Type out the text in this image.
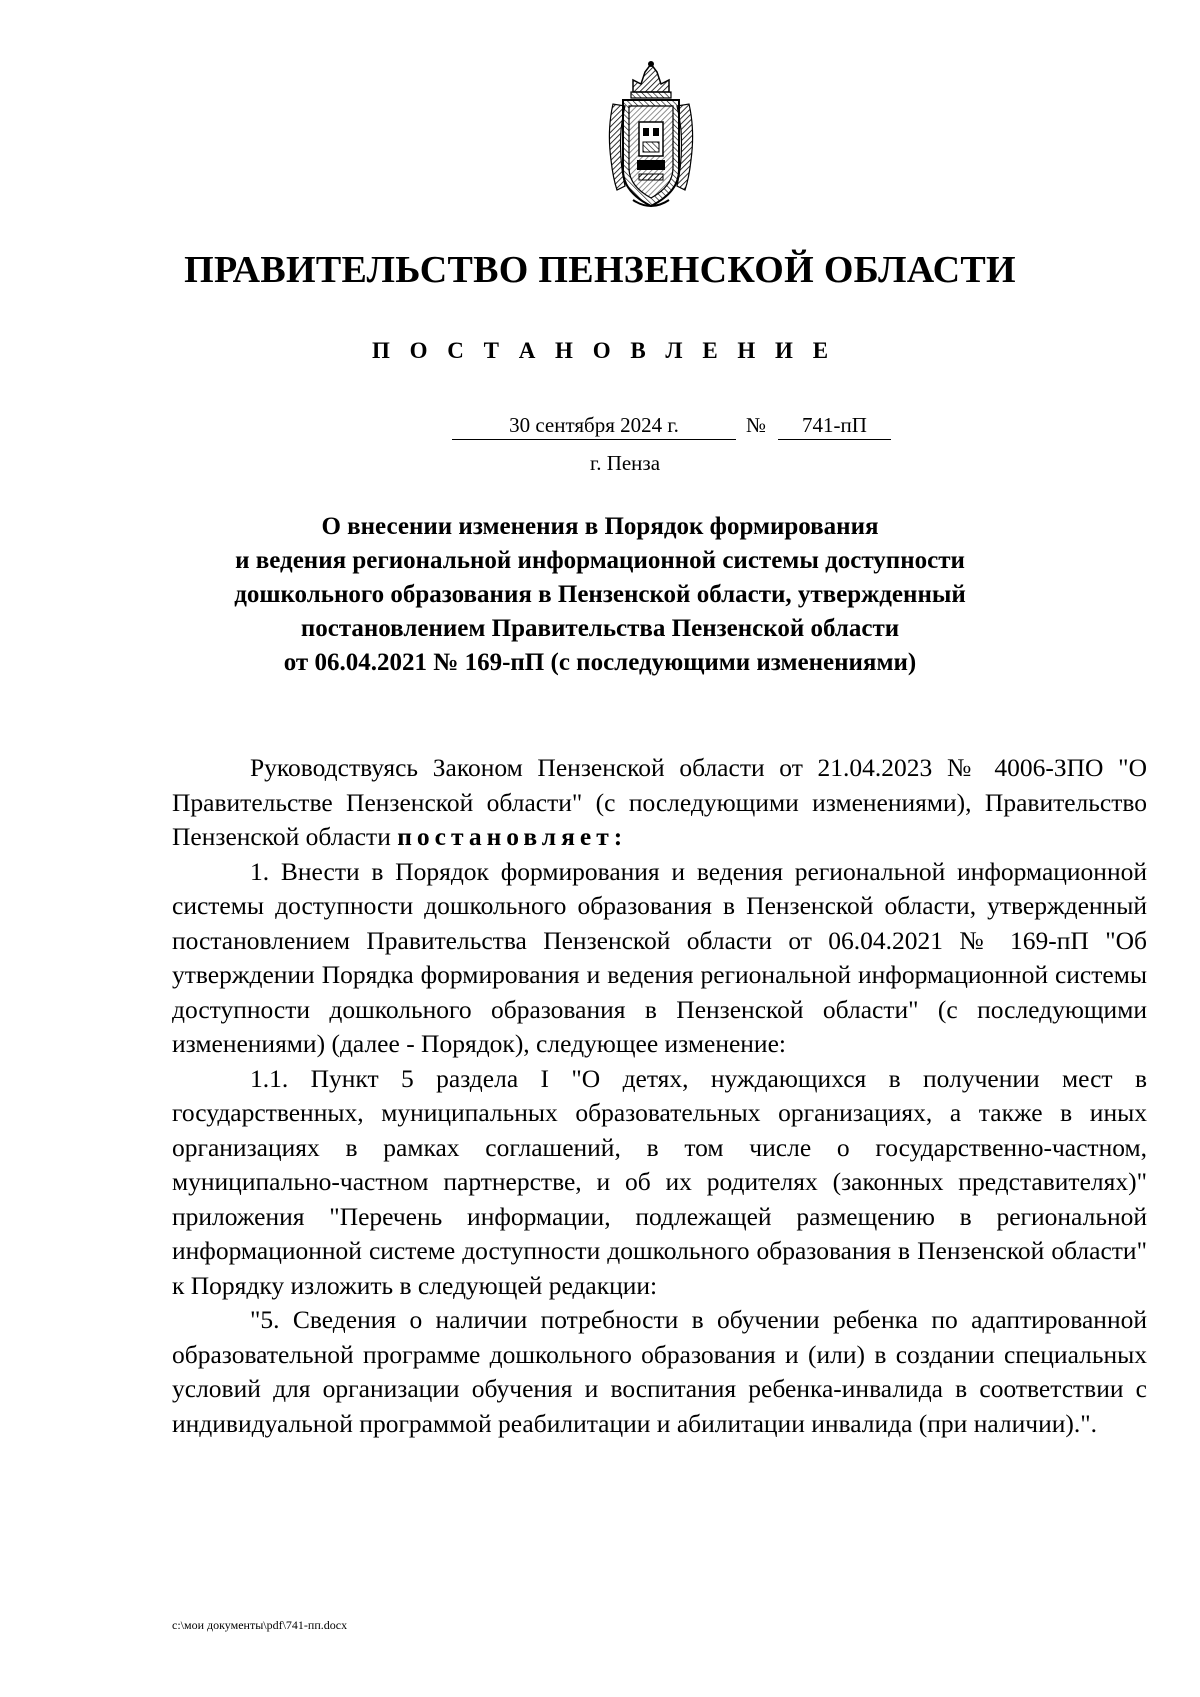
ПРАВИТЕЛЬСТВО ПЕНЗЕНСКОЙ ОБЛАСТИ
П О С Т А Н О В Л Е Н И Е
30 сентября 2024 г.	№	741-пП
г. Пенза
О внесении изменения в Порядок формирования
и ведения региональной информационной системы доступности
дошкольного образования в Пензенской области, утвержденный
постановлением Правительства Пензенской области
от 06.04.2021 № 169-пП (с последующими изменениями)

Руководствуясь Законом Пензенской области от 21.04.2023 № 4006-ЗПО "О Правительстве Пензенской области" (с последующими изменениями), Правительство Пензенской области постановляет:

1. Внести в Порядок формирования и ведения региональной информационной системы доступности дошкольного образования в Пензенской области, утвержденный постановлением Правительства Пензенской области от 06.04.2021 № 169-пП "Об утверждении Порядка формирования и ведения региональной информационной системы доступности дошкольного образования в Пензенской области" (с последующими изменениями) (далее - Порядок), следующее изменение:

1.1. Пункт 5 раздела I "О детях, нуждающихся в получении мест в государственных, муниципальных образовательных организациях, а также в иных организациях в рамках соглашений, в том числе о государственно-частном, муниципально-частном партнерстве, и об их родителях (законных представителях)" приложения "Перечень информации, подлежащей размещению в региональной информационной системе доступности дошкольного образования в Пензенской области" к Порядку изложить в следующей редакции:

"5. Сведения о наличии потребности в обучении ребенка по адаптированной образовательной программе дошкольного образования и (или) в создании специальных условий для организации обучения и воспитания ребенка-инвалида в соответствии с индивидуальной программой реабилитации и абилитации инвалида (при наличии).".

c:\мои документы\pdf\741-пп.docx
